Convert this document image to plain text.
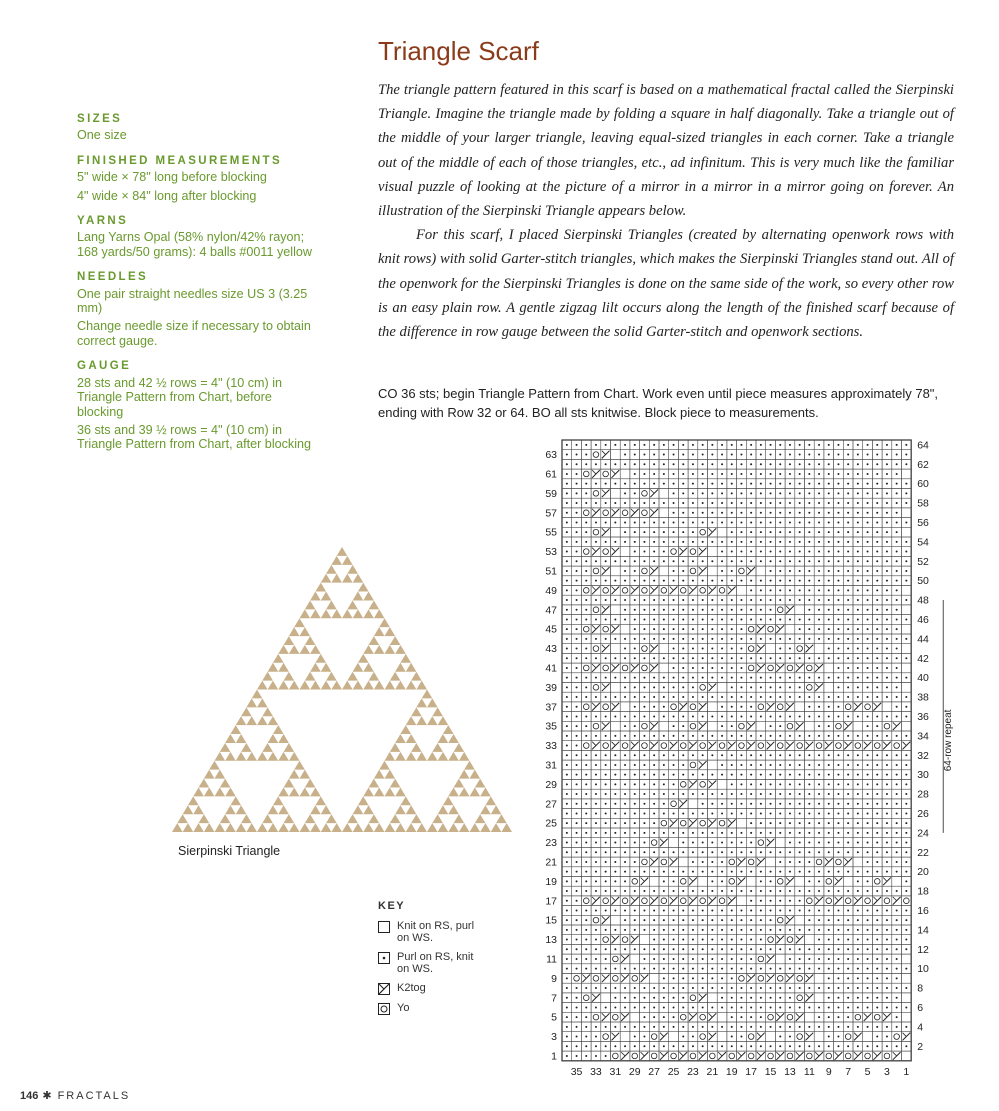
Triangle Scarf

The triangle pattern featured in this scarf is based on a mathematical fractal called the Sierpinski Triangle. Imagine the triangle made by folding a square in half diagonally. Take a triangle out of the middle of your larger triangle, leaving equal-sized triangles in each corner. Take a triangle out of the middle of each of those triangles, etc., ad infinitum. This is very much like the familiar visual puzzle of looking at the picture of a mirror in a mirror in a mirror going on forever. An illustration of the Sierpinski Triangle appears below.

For this scarf, I placed Sierpinski Triangles (created by alternating openwork rows with knit rows) with solid Garter-stitch triangles, which makes the Sierpinski Triangles stand out. All of the openwork for the Sierpinski Triangles is done on the same side of the work, so every other row is an easy plain row. A gentle zigzag lilt occurs along the length of the finished scarf because of the difference in row gauge between the solid Garter-stitch and openwork sections.

SIZES
One size
FINISHED MEASUREMENTS
5" wide × 78" long before blocking
4" wide × 84" long after blocking
YARNS
Lang Yarns Opal (58% nylon/42% rayon; 168 yards/50 grams): 4 balls #0011 yellow
NEEDLES
One pair straight needles size US 3 (3.25 mm)
Change needle size if necessary to obtain correct gauge.
GAUGE
28 sts and 42 ½ rows = 4" (10 cm) in Triangle Pattern from Chart, before blocking
36 sts and 39 ½ rows = 4" (10 cm) in Triangle Pattern from Chart, after blocking
CO 36 sts; begin Triangle Pattern from Chart. Work even until piece measures approximately 78", ending with Row 32 or 64. BO all sts knitwise. Block piece to measurements.
Sierpinski Triangle
KEY
Knit on RS, purl on WS.
Purl on RS, knit on WS.
K2tog
Yo
1
3
5
7
9
11
13
15
17
19
21
23
25
27
29
31
33
35
37
39
41
43
45
47
49
51
53
55
57
59
61
63
2
4
6
8
10
12
14
16
18
20
22
24
26
28
30
32
34
36
38
40
42
44
46
48
50
52
54
56
58
60
62
64
35 33 31 29 27 25 23 21 19 17 15 13 11 9 7 5 3 1
64-row repeat
146 ✱ FRACTALS
